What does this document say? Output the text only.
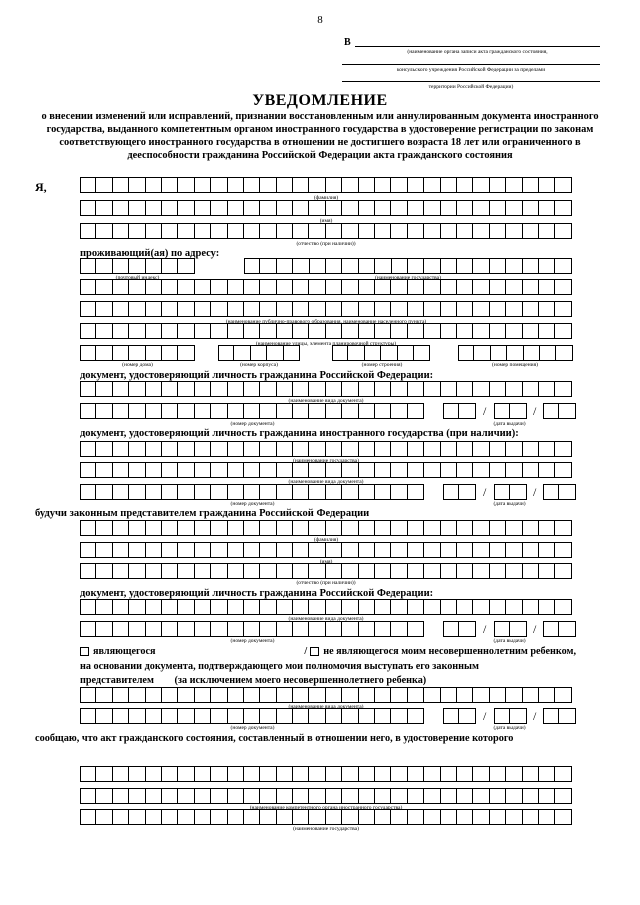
8
В
(наименование органа записи акта гражданского состояния,
консульского учреждения Российской Федерации за пределами
территории Российской Федерации)
УВЕДОМЛЕНИЕ
о внесении изменений или исправлений, признании восстановленным или аннулированным документа иностранного государства, выданного компетентным органом иностранного государства в удостоверение регистрации по законам соответствующего иностранного государства в отношении не достигшего возраста 18 лет или ограниченного в дееспособности гражданина Российской Федерации акта гражданского состояния
Я,
(фамилия)
(имя)
(отчество (при наличии))
проживающий(ая) по адресу:
(почтовый индекс)	(наименование государства)
(наименование публично-правового образования, наименование населенного пункта)
(наименование улицы, элемента планировочной структуры)
(номер дома)	(номер корпуса)	(номер строения)	(номер помещения)
документ, удостоверяющий личность гражданина Российской Федерации:
(наименование вида документа)
(номер документа)
/	/
(дата выдачи)
документ, удостоверяющий личность гражданина иностранного государства (при наличии):
(наименование государства)
(наименование вида документа)
(номер документа)
/	/
(дата выдачи)
будучи законным представителем гражданина Российской Федерации
(фамилия)
(имя)
(отчество (при наличии))
документ, удостоверяющий личность гражданина Российской Федерации:
(наименование вида документа)
(номер документа)
/	/
(дата выдачи)
являющегося	/ не являющегося моим несовершеннолетним ребенком,
на основании документа, подтверждающего мои полномочия выступать его законным
представителем (за исключением моего несовершеннолетнего ребенка)
(наименование вида документа)
(номер документа)
/	/
(дата выдачи)
сообщаю, что акт гражданского состояния, составленный в отношении него, в удостоверение которого
(наименование компетентного органа иностранного государства)
(наименование государства)
